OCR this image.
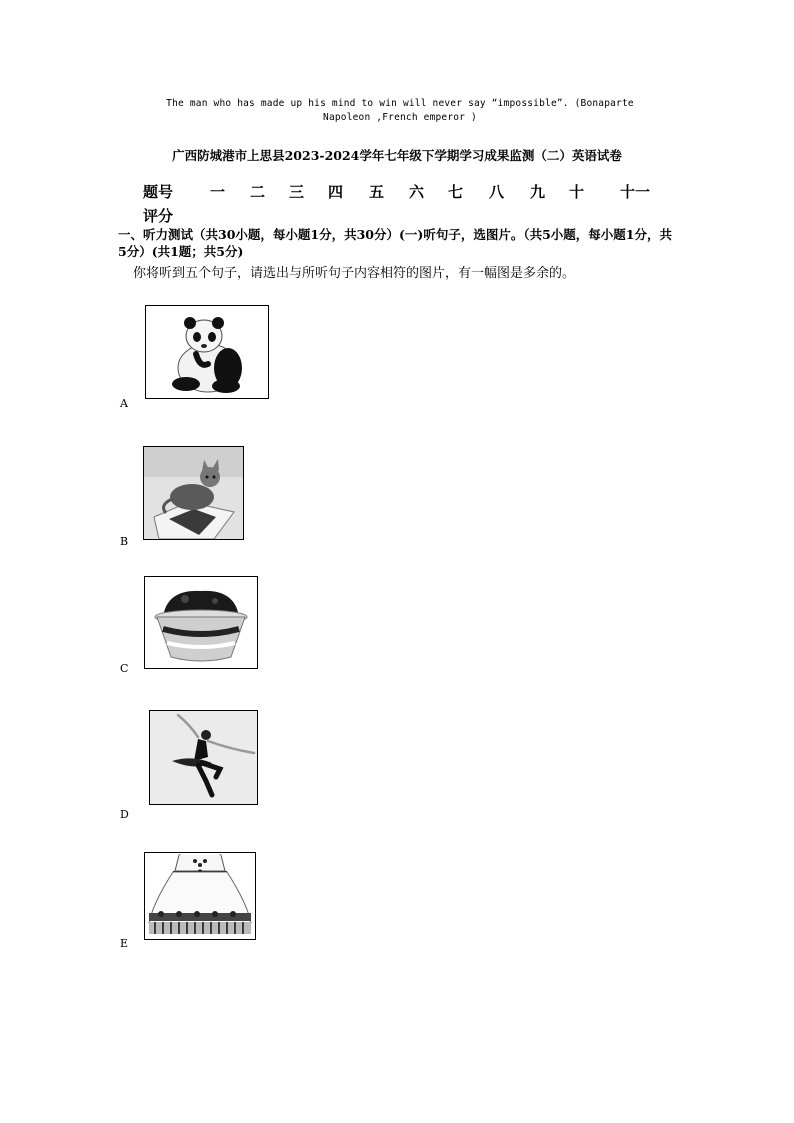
The man who has made up his mind to win will never say “impossible”. (Bonaparte
Napoleon ,French emperor )
广西防城港市上思县2023-2024学年七年级下学期学习成果监测（二）英语试卷
题号 一 二 三 四 五 六 七 八 九 十 十一
评分
一、听力测试（共30小题，每小题1分，共30分）(一)听句子，选图片。（共5小题，每小题1分，共5分）(共1题；共5分)
你将听到五个句子，请选出与所听句子内容相符的图片，有一幅图是多余的。
A
B
C
D
E
